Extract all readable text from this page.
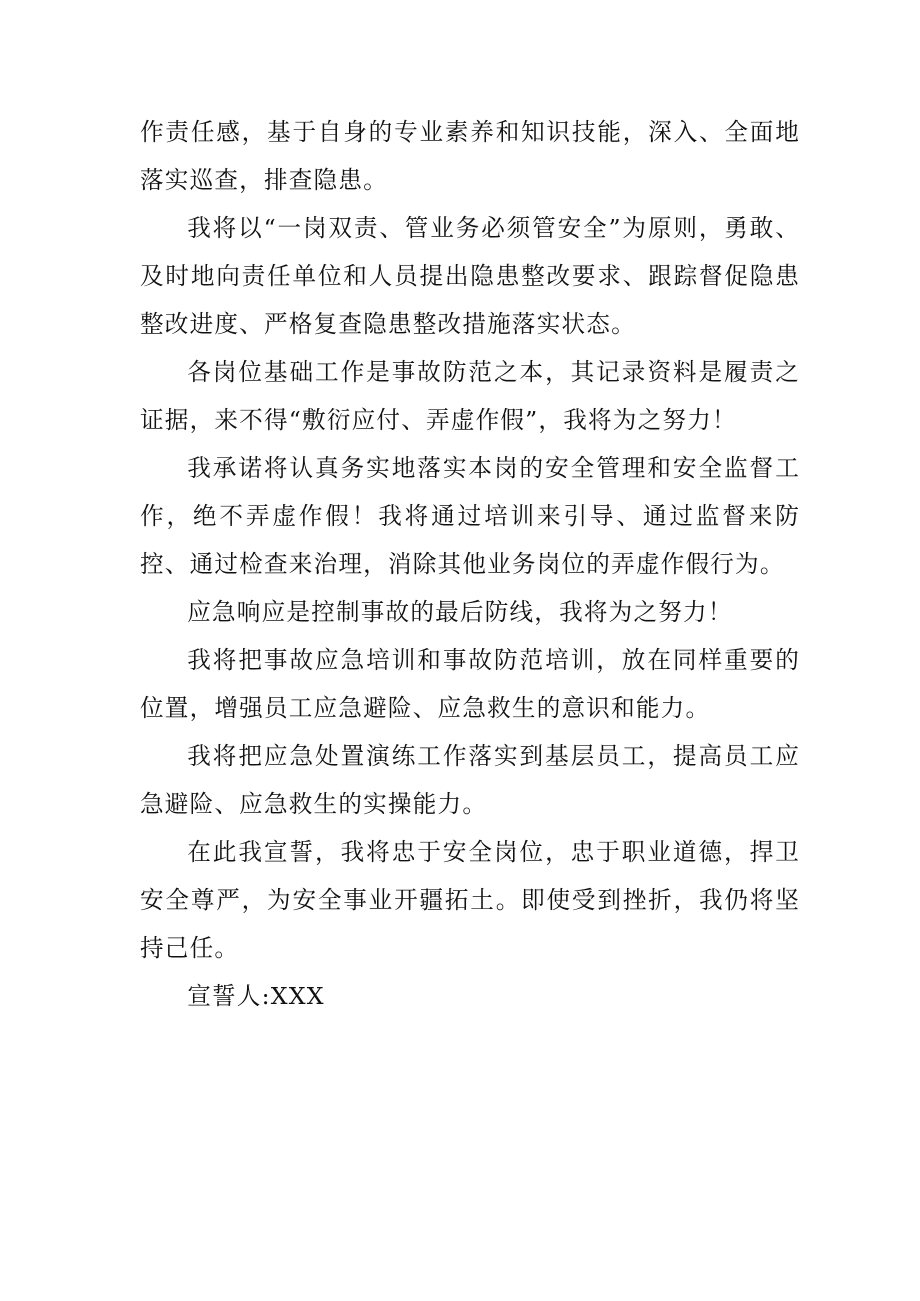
作责任感，基于自身的专业素养和知识技能，深入、全面地落实巡查，排查隐患。

我将以“一岗双责、管业务必须管安全”为原则，勇敢、及时地向责任单位和人员提出隐患整改要求、跟踪督促隐患整改进度、严格复查隐患整改措施落实状态。

各岗位基础工作是事故防范之本，其记录资料是履责之证据，来不得“敷衍应付、弄虚作假”，我将为之努力！

我承诺将认真务实地落实本岗的安全管理和安全监督工作，绝不弄虚作假！我将通过培训来引导、通过监督来防控、通过检查来治理，消除其他业务岗位的弄虚作假行为。

应急响应是控制事故的最后防线，我将为之努力！

我将把事故应急培训和事故防范培训，放在同样重要的位置，增强员工应急避险、应急救生的意识和能力。

我将把应急处置演练工作落实到基层员工，提高员工应急避险、应急救生的实操能力。

在此我宣誓，我将忠于安全岗位，忠于职业道德，捍卫安全尊严，为安全事业开疆拓土。即使受到挫折，我仍将坚持己任。

宣誓人:XXX
